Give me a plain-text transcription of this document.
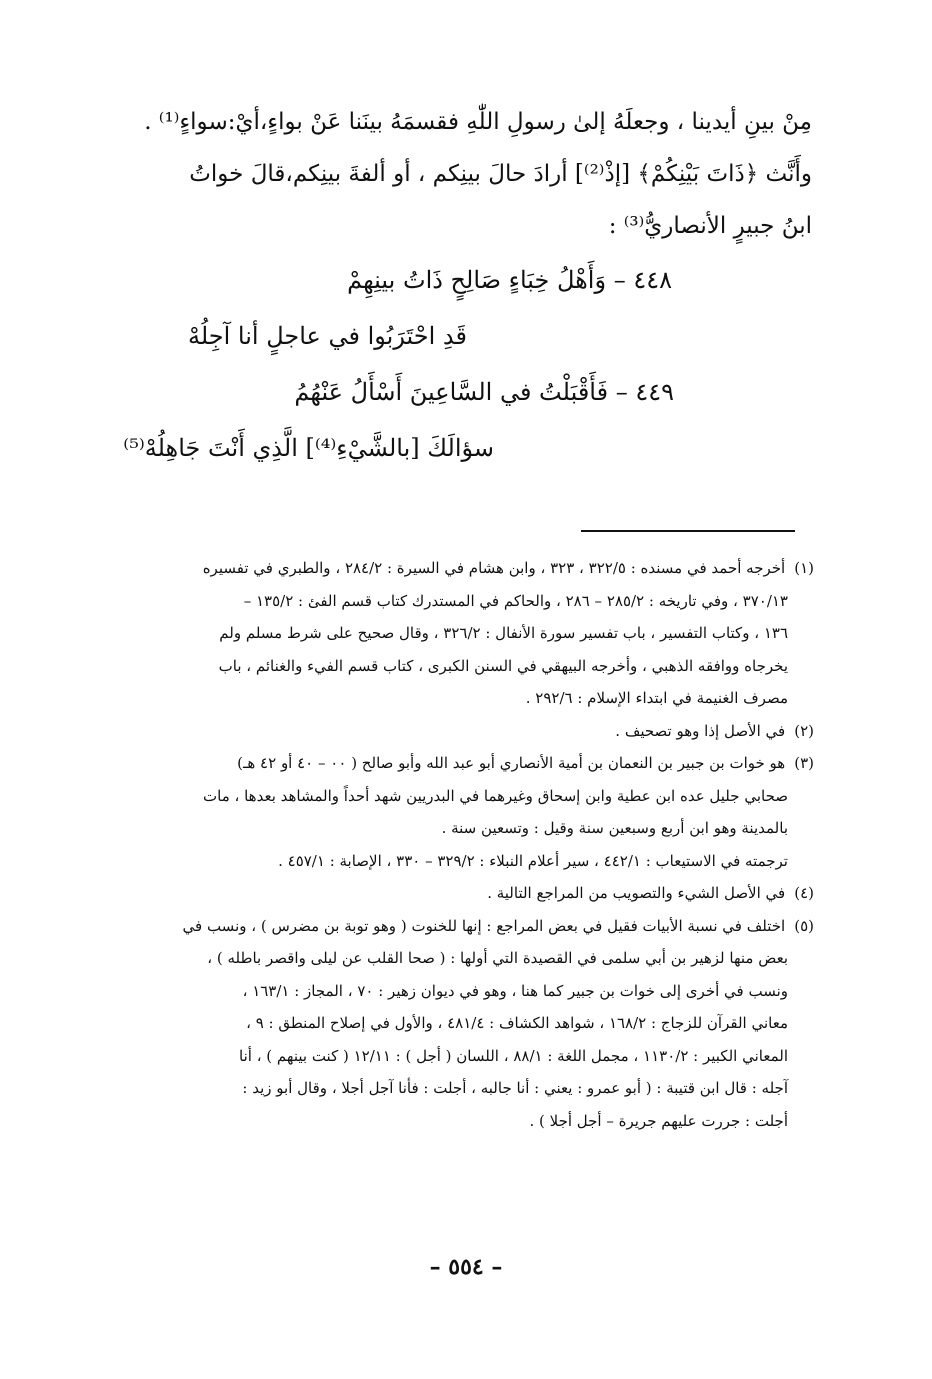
مِنْ بينِ أيدينا ، وجعلَهُ إلىٰ رسولِ اللّٰهِ فقسمَهُ بينَنا عَنْ بواءٍ،أيْ:سواءٍ⁽¹⁾ .
وأَنَّث ﴿ذَاتَ بَيْنِكُمْ﴾ [إذْ⁽²⁾] أرادَ حالَ بينِكم ، أو ألفةَ بينِكم،قالَ خواتُ
ابنُ جبيرٍ الأنصاريُّ⁽³⁾ :
٤٤٨ – وَأَهْلُ خِبَاءٍ صَالِحٍ ذَاتُ بينِهِمْ
قَدِ احْتَرَبُوا في عاجلٍ أنا آجِلُهْ
٤٤٩ – فَأَقْبَلْتُ في السَّاعِينَ أَسْأَلُ عَنْهُمُ
سؤالَكَ [بالشَّيْءِ⁽⁴⁾] الَّذِي أَنْتَ جَاهِلُهْ⁽⁵⁾

(١) أخرجه أحمد في مسنده : ٣٢٢/٥ ، ٣٢٣ ، وابن هشام في السيرة : ٢٨٤/٢ ، والطبري في تفسيره

٣٧٠/١٣ ، وفي تاريخه : ٢٨٥/٢ – ٢٨٦ ، والحاكم في المستدرك كتاب قسم الفئ : ١٣٥/٢ –

١٣٦ ، وكتاب التفسير ، باب تفسير سورة الأنفال : ٣٢٦/٢ ، وقال صحيح على شرط مسلم ولم

يخرجاه ووافقه الذهبي ، وأخرجه البيهقي في السنن الكبرى ، كتاب قسم الفيء والغنائم ، باب

مصرف الغنيمة في ابتداء الإسلام : ٢٩٢/٦ .

(٢) في الأصل إذا وهو تصحيف .

(٣) هو خوات بن جبير بن النعمان بن أمية الأنصاري أبو عبد الله وأبو صالح ( ٠٠ – ٤٠ أو ٤٢ هـ)

صحابي جليل عده ابن عطية وابن إسحاق وغيرهما في البدريين شهد أحداً والمشاهد بعدها ، مات

بالمدينة وهو ابن أربع وسبعين سنة وقيل : وتسعين سنة .

ترجمته في الاستيعاب : ٤٤٢/١ ، سير أعلام النبلاء : ٣٢٩/٢ – ٣٣٠ ، الإصابة : ٤٥٧/١ .

(٤) في الأصل الشيء والتصويب من المراجع التالية .

(٥) اختلف في نسبة الأبيات فقيل في بعض المراجع : إنها للخنوت ( وهو توبة بن مضرس ) ، ونسب في

بعض منها لزهير بن أبي سلمى في القصيدة التي أولها : ( صحا القلب عن ليلى واقصر باطله ) ،

ونسب في أخرى إلى خوات بن جبير كما هنا ، وهو في ديوان زهير : ٧٠ ، المجاز : ١٦٣/١ ،

معاني القرآن للزجاج : ١٦٨/٢ ، شواهد الكشاف : ٤٨١/٤ ، والأول في إصلاح المنطق : ٩ ،

المعاني الكبير : ١١٣٠/٢ ، مجمل اللغة : ٨٨/١ ، اللسان ( أجل ) : ١٢/١١ ( كنت بينهم ) ، أنا

آجله : قال ابن قتيبة : ( أبو عمرو : يعني : أنا جالبه ، أجلت : فأنا آجل أجلا ، وقال أبو زيد :

أجلت : جررت عليهم جريرة – أجل أجلا ) .

– ٥٥٤ –
